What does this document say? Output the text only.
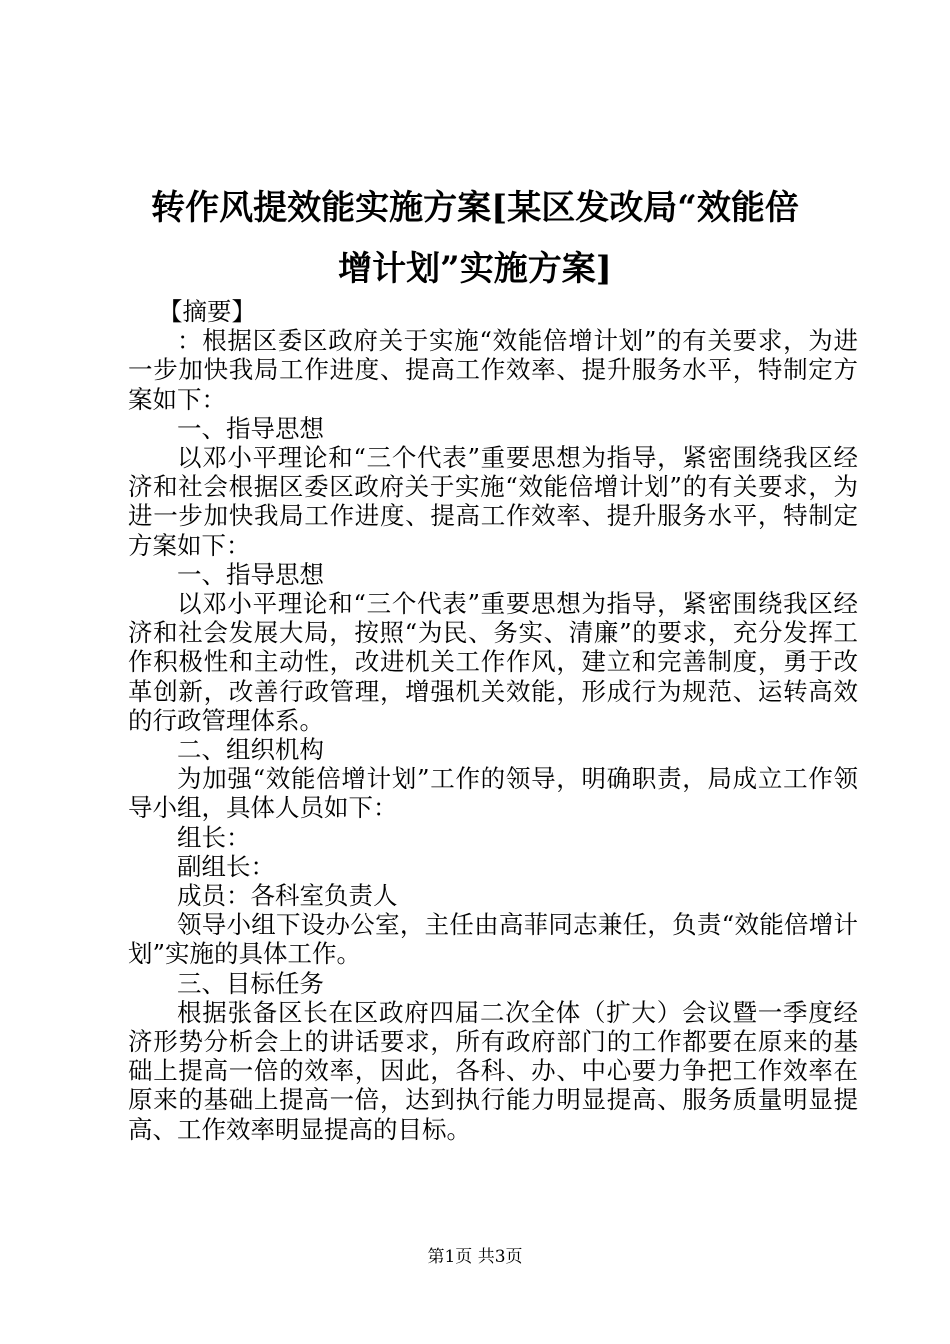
转作风提效能实施方案[某区发改局“效能倍
增计划”实施方案]

【摘要】

：根据区委区政府关于实施“效能倍增计划”的有关要求，为进一步加快我局工作进度、提高工作效率、提升服务水平，特制定方案如下：

一、指导思想

以邓小平理论和“三个代表”重要思想为指导，紧密围绕我区经济和社会根据区委区政府关于实施“效能倍增计划”的有关要求，为进一步加快我局工作进度、提高工作效率、提升服务水平，特制定方案如下：

一、指导思想

以邓小平理论和“三个代表”重要思想为指导，紧密围绕我区经济和社会发展大局，按照“为民、务实、清廉”的要求，充分发挥工作积极性和主动性，改进机关工作作风，建立和完善制度，勇于改革创新，改善行政管理，增强机关效能，形成行为规范、运转高效的行政管理体系。

二、组织机构

为加强“效能倍增计划”工作的领导，明确职责，局成立工作领导小组，具体人员如下：

组长：

副组长：

成员：各科室负责人

领导小组下设办公室，主任由高菲同志兼任，负责“效能倍增计划”实施的具体工作。

三、目标任务

根据张备区长在区政府四届二次全体（扩大）会议暨一季度经济形势分析会上的讲话要求，所有政府部门的工作都要在原来的基础上提高一倍的效率，因此，各科、办、中心要力争把工作效率在原来的基础上提高一倍，达到执行能力明显提高、服务质量明显提高、工作效率明显提高的目标。

第1页 共3页
